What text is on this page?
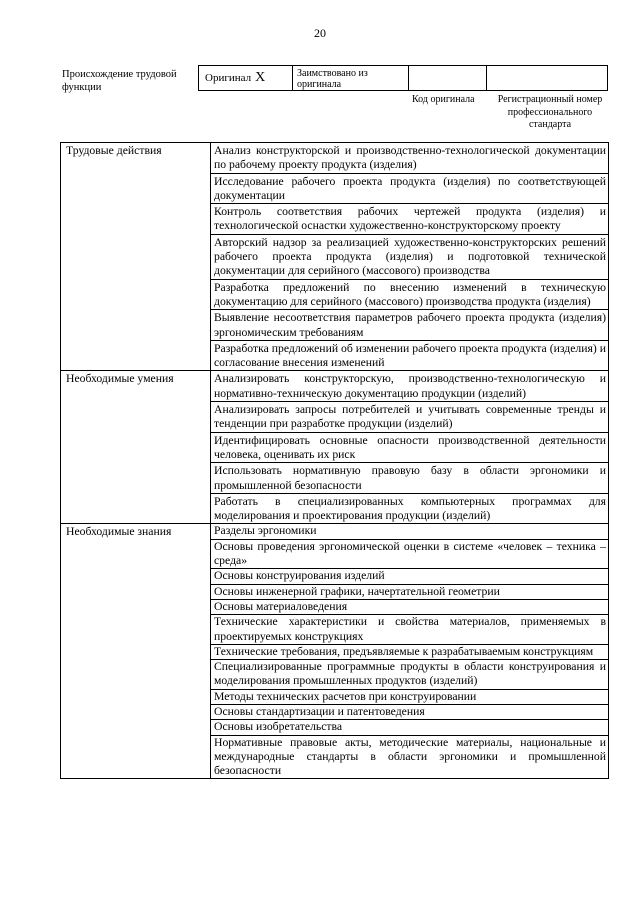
20
Происхождение трудовой функции
Оригинал X	Заимствовано из оригинала
Код оригинала	Регистрационный номер профессионального стандарта
Трудовые действия	Анализ конструкторской и производственно-технологической документации по рабочему проекту продукта (изделия)
	Исследование рабочего проекта продукта (изделия) по соответствующей документации
	Контроль соответствия рабочих чертежей продукта (изделия) и технологической оснастки художественно-конструкторскому проекту
	Авторский надзор за реализацией художественно-конструкторских решений рабочего проекта продукта (изделия) и подготовкой технической документации для серийного (массового) производства
	Разработка предложений по внесению изменений в техническую документацию для серийного (массового) производства продукта (изделия)
	Выявление несоответствия параметров рабочего проекта продукта (изделия) эргономическим требованиям
	Разработка предложений об изменении рабочего проекта продукта (изделия) и согласование внесения изменений
Необходимые умения	Анализировать конструкторскую, производственно-технологическую и нормативно-техническую документацию продукции (изделий)
	Анализировать запросы потребителей и учитывать современные тренды и тенденции при разработке продукции (изделий)
	Идентифицировать основные опасности производственной деятельности человека, оценивать их риск
	Использовать нормативную правовую базу в области эргономики и промышленной безопасности
	Работать в специализированных компьютерных программах для моделирования и проектирования продукции (изделий)
Необходимые знания	Разделы эргономики
	Основы проведения эргономической оценки в системе «человек – техника – среда»
	Основы конструирования изделий
	Основы инженерной графики, начертательной геометрии
	Основы материаловедения
	Технические характеристики и свойства материалов, применяемых в проектируемых конструкциях
	Технические требования, предъявляемые к разрабатываемым конструкциям
	Специализированные программные продукты в области конструирования и моделирования промышленных продуктов (изделий)
	Методы технических расчетов при конструировании
	Основы стандартизации и патентоведения
	Основы изобретательства
	Нормативные правовые акты, методические материалы, национальные и международные стандарты в области эргономики и промышленной безопасности
